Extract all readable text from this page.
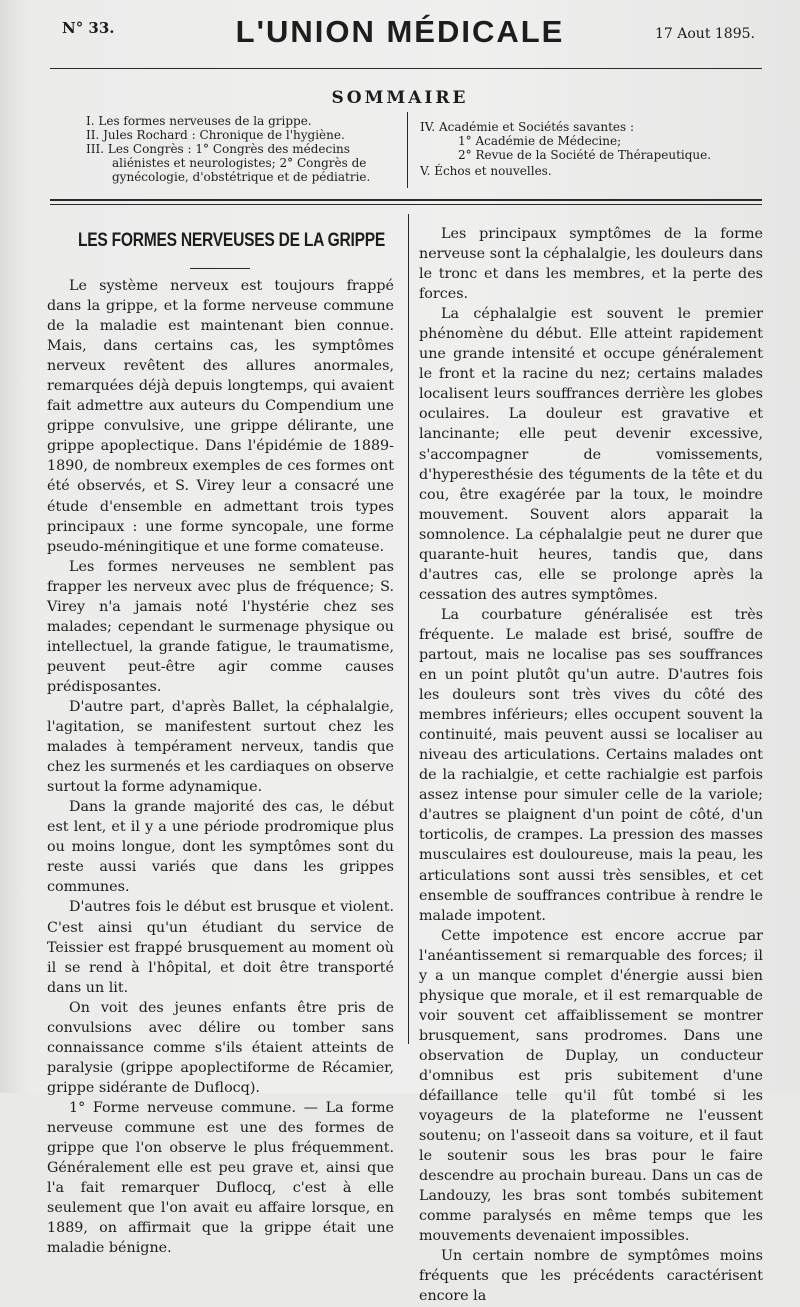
N° 33.	L'UNION MÉDICALE	17 Aout 1895.
SOMMAIRE
I. Les formes nerveuses de la grippe.
II. Jules Rochard : Chronique de l'hygiène.
III. Les Congrès : 1° Congrès des médecins aliénistes et neurologistes; 2° Congrès de gynécologie, d'obstétrique et de pédiatrie.
IV. Académie et Sociétés savantes :
1° Académie de Médecine;
2° Revue de la Société de Thérapeutique.
V. Échos et nouvelles.
LES FORMES NERVEUSES DE LA GRIPPE

Le système nerveux est toujours frappé dans la grippe, et la forme nerveuse commune de la maladie est maintenant bien connue. Mais, dans certains cas, les symptômes nerveux revêtent des allures anormales, remarquées déjà depuis longtemps, qui avaient fait admettre aux auteurs du Compendium une grippe convulsive, une grippe délirante, une grippe apoplectique. Dans l'épidémie de 1889-1890, de nombreux exemples de ces formes ont été observés, et S. Virey leur a consacré une étude d'ensemble en admettant trois types principaux : une forme syncopale, une forme pseudo-méningitique et une forme comateuse.

Les formes nerveuses ne semblent pas frapper les nerveux avec plus de fréquence; S. Virey n'a jamais noté l'hystérie chez ses malades; cependant le surmenage physique ou intellectuel, la grande fatigue, le traumatisme, peuvent peut-être agir comme causes prédisposantes.

D'autre part, d'après Ballet, la céphalalgie, l'agitation, se manifestent surtout chez les malades à tempérament nerveux, tandis que chez les surmenés et les cardiaques on observe surtout la forme adynamique.

Dans la grande majorité des cas, le début est lent, et il y a une période prodromique plus ou moins longue, dont les symptômes sont du reste aussi variés que dans les grippes communes.

D'autres fois le début est brusque et violent. C'est ainsi qu'un étudiant du service de Teissier est frappé brusquement au moment où il se rend à l'hôpital, et doit être transporté dans un lit.

On voit des jeunes enfants être pris de convulsions avec délire ou tomber sans connaissance comme s'ils étaient atteints de paralysie (grippe apoplectiforme de Récamier, grippe sidérante de Duflocq).

1° Forme nerveuse commune. — La forme nerveuse commune est une des formes de grippe que l'on observe le plus fréquemment. Généralement elle est peu grave et, ainsi que l'a fait remarquer Duflocq, c'est à elle seulement que l'on avait eu affaire lorsque, en 1889, on affirmait que la grippe était une maladie bénigne.

Les principaux symptômes de la forme nerveuse sont la céphalalgie, les douleurs dans le tronc et dans les membres, et la perte des forces.

La céphalalgie est souvent le premier phénomène du début. Elle atteint rapidement une grande intensité et occupe généralement le front et la racine du nez; certains malades localisent leurs souffrances derrière les globes oculaires. La douleur est gravative et lancinante; elle peut devenir excessive, s'accompagner de vomissements, d'hyperesthésie des téguments de la tête et du cou, être exagérée par la toux, le moindre mouvement. Souvent alors apparait la somnolence. La céphalalgie peut ne durer que quarante-huit heures, tandis que, dans d'autres cas, elle se prolonge après la cessation des autres symptômes.

La courbature généralisée est très fréquente. Le malade est brisé, souffre de partout, mais ne localise pas ses souffrances en un point plutôt qu'un autre. D'autres fois les douleurs sont très vives du côté des membres inférieurs; elles occupent souvent la continuité, mais peuvent aussi se localiser au niveau des articulations. Certains malades ont de la rachialgie, et cette rachialgie est parfois assez intense pour simuler celle de la variole; d'autres se plaignent d'un point de côté, d'un torticolis, de crampes. La pression des masses musculaires est douloureuse, mais la peau, les articulations sont aussi très sensibles, et cet ensemble de souffrances contribue à rendre le malade impotent.

Cette impotence est encore accrue par l'anéantissement si remarquable des forces; il y a un manque complet d'énergie aussi bien physique que morale, et il est remarquable de voir souvent cet affaiblissement se montrer brusquement, sans prodromes. Dans une observation de Duplay, un conducteur d'omnibus est pris subitement d'une défaillance telle qu'il fût tombé si les voyageurs de la plateforme ne l'eussent soutenu; on l'asseoit dans sa voiture, et il faut le soutenir sous les bras pour le faire descendre au prochain bureau. Dans un cas de Landouzy, les bras sont tombés subitement comme paralysés en même temps que les mouvements devenaient impossibles.

Un certain nombre de symptômes moins fréquents que les précédents caractérisent encore la
